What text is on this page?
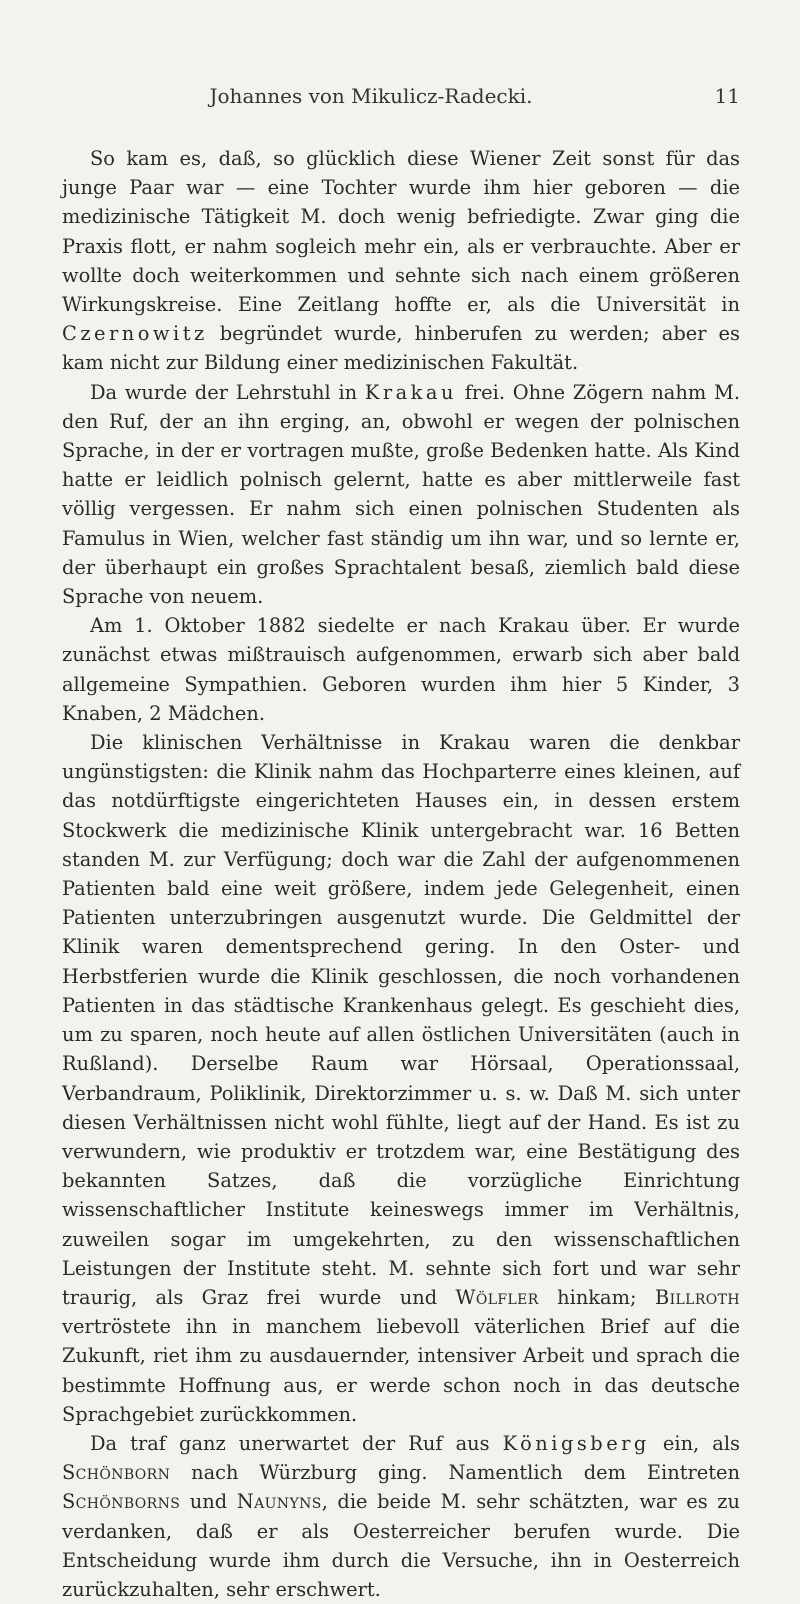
Johannes von Mikulicz-Radecki.	11

So kam es, daß, so glücklich diese Wiener Zeit sonst für das junge Paar war — eine Tochter wurde ihm hier geboren — die medizinische Tätigkeit M. doch wenig befriedigte. Zwar ging die Praxis flott, er nahm sogleich mehr ein, als er verbrauchte. Aber er wollte doch weiterkommen und sehnte sich nach einem größeren Wirkungskreise. Eine Zeitlang hoffte er, als die Universität in Czernowitz begründet wurde, hinberufen zu werden; aber es kam nicht zur Bildung einer medizinischen Fakultät.

Da wurde der Lehrstuhl in Krakau frei. Ohne Zögern nahm M. den Ruf, der an ihn erging, an, obwohl er wegen der polnischen Sprache, in der er vortragen mußte, große Bedenken hatte. Als Kind hatte er leidlich polnisch gelernt, hatte es aber mittlerweile fast völlig vergessen. Er nahm sich einen polnischen Studenten als Famulus in Wien, welcher fast ständig um ihn war, und so lernte er, der überhaupt ein großes Sprachtalent besaß, ziemlich bald diese Sprache von neuem.

Am 1. Oktober 1882 siedelte er nach Krakau über. Er wurde zunächst etwas mißtrauisch aufgenommen, erwarb sich aber bald allgemeine Sympathien. Geboren wurden ihm hier 5 Kinder, 3 Knaben, 2 Mädchen.

Die klinischen Verhältnisse in Krakau waren die denkbar ungünstigsten: die Klinik nahm das Hochparterre eines kleinen, auf das notdürftigste eingerichteten Hauses ein, in dessen erstem Stockwerk die medizinische Klinik untergebracht war. 16 Betten standen M. zur Verfügung; doch war die Zahl der aufgenommenen Patienten bald eine weit größere, indem jede Gelegenheit, einen Patienten unterzubringen ausgenutzt wurde. Die Geldmittel der Klinik waren dementsprechend gering. In den Oster- und Herbstferien wurde die Klinik geschlossen, die noch vorhandenen Patienten in das städtische Krankenhaus gelegt. Es geschieht dies, um zu sparen, noch heute auf allen östlichen Universitäten (auch in Rußland). Derselbe Raum war Hörsaal, Operationssaal, Verbandraum, Poliklinik, Direktorzimmer u. s. w. Daß M. sich unter diesen Verhältnissen nicht wohl fühlte, liegt auf der Hand. Es ist zu verwundern, wie produktiv er trotzdem war, eine Bestätigung des bekannten Satzes, daß die vorzügliche Einrichtung wissenschaftlicher Institute keineswegs immer im Verhältnis, zuweilen sogar im umgekehrten, zu den wissenschaftlichen Leistungen der Institute steht. M. sehnte sich fort und war sehr traurig, als Graz frei wurde und Wölfler hinkam; Billroth vertröstete ihn in manchem liebevoll väterlichen Brief auf die Zukunft, riet ihm zu ausdauernder, intensiver Arbeit und sprach die bestimmte Hoffnung aus, er werde schon noch in das deutsche Sprachgebiet zurückkommen.

Da traf ganz unerwartet der Ruf aus Königsberg ein, als Schönborn nach Würzburg ging. Namentlich dem Eintreten Schönborns und Naunyns, die beide M. sehr schätzten, war es zu verdanken, daß er als Oesterreicher berufen wurde. Die Entscheidung wurde ihm durch die Versuche, ihn in Oesterreich zurückzuhalten, sehr erschwert.
